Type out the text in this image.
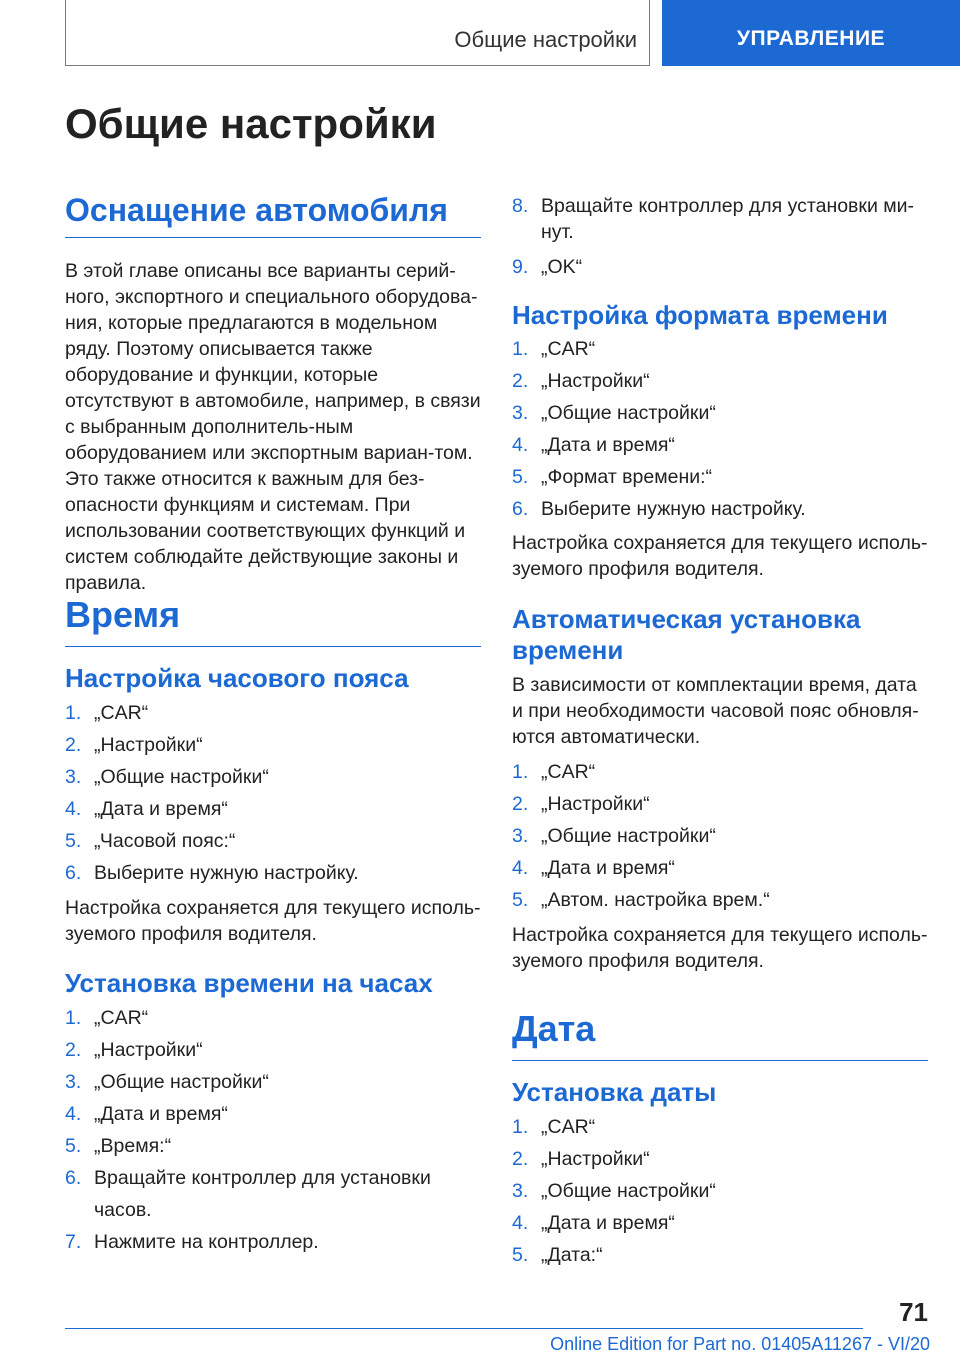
Общие настройки	УПРАВЛЕНИЕ
Общие настройки
Оснащение автомобиля

В этой главе описаны все варианты серий-ного, экспортного и специального оборудова-ния, которые предлагаются в модельном ряду. Поэтому описывается также оборудование и функции, которые отсутствуют в автомобиле, например, в связи с выбранным дополнитель-ным оборудованием или экспортным вариан-том. Это также относится к важным для без-опасности функциям и системам. При использовании соответствующих функций и систем соблюдайте действующие законы и правила.

Время
Настройка часового пояса
1. „CAR“
2. „Настройки“
3. „Общие настройки“
4. „Дата и время“
5. „Часовой пояс:“
6. Выберите нужную настройку.

Настройка сохраняется для текущего исполь-зуемого профиля водителя.

Установка времени на часах
1. „CAR“
2. „Настройки“
3. „Общие настройки“
4. „Дата и время“
5. „Время:“
6. Вращайте контроллер для установки часов.
7. Нажмите на контроллер.
8. Вращайте контроллер для установки ми-нут.
9. „OK“
Настройка формата времени
1. „CAR“
2. „Настройки“
3. „Общие настройки“
4. „Дата и время“
5. „Формат времени:“
6. Выберите нужную настройку.

Настройка сохраняется для текущего исполь-зуемого профиля водителя.

Автоматическая установка времени

В зависимости от комплектации время, дата и при необходимости часовой пояс обновля-ются автоматически.

1. „CAR“
2. „Настройки“
3. „Общие настройки“
4. „Дата и время“
5. „Автом. настройка врем.“

Настройка сохраняется для текущего исполь-зуемого профиля водителя.

Дата
Установка даты
1. „CAR“
2. „Настройки“
3. „Общие настройки“
4. „Дата и время“
5. „Дата:“
71
Online Edition for Part no. 01405A11267 - VI/20
